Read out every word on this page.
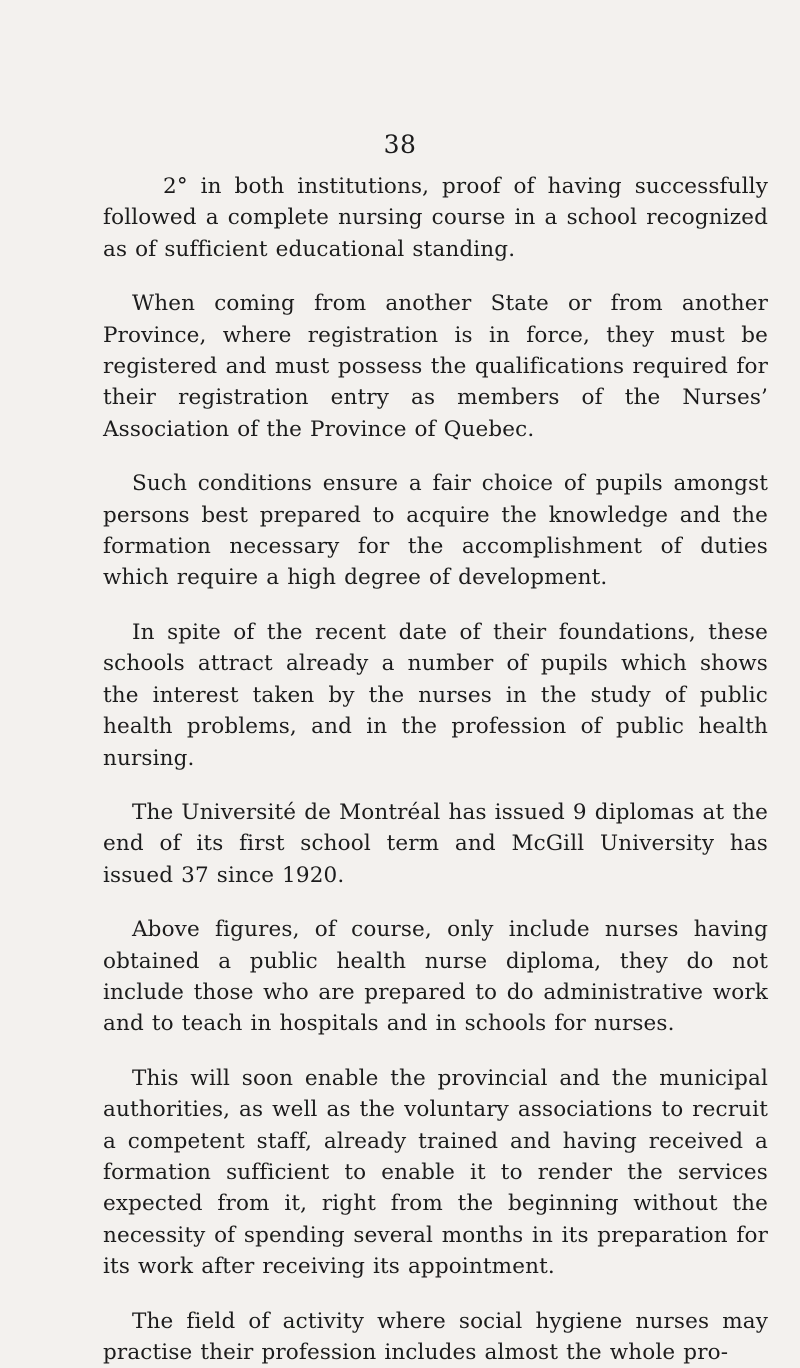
38

2° in both institutions, proof of having successfully followed a complete nursing course in a school recognized as of sufficient educational standing.

When coming from another State or from another Province, where registration is in force, they must be registered and must possess the qualifications required for their registration entry as members of the Nurses’ Association of the Province of Quebec.

Such conditions ensure a fair choice of pupils amongst persons best prepared to acquire the knowledge and the formation necessary for the accomplishment of duties which require a high degree of development.

In spite of the recent date of their foundations, these schools attract already a number of pupils which shows the interest taken by the nurses in the study of public health problems, and in the profession of public health nursing.

The Université de Montréal has issued 9 diplomas at the end of its first school term and McGill University has issued 37 since 1920.

Above figures, of course, only include nurses having obtained a public health nurse diploma, they do not include those who are prepared to do administrative work and to teach in hospitals and in schools for nurses.

This will soon enable the provincial and the municipal authorities, as well as the voluntary associations to recruit a competent staff, already trained and having received a formation sufficient to enable it to render the services expected from it, right from the beginning without the necessity of spending several months in its preparation for its work after receiving its appointment.

The field of activity where social hygiene nurses may practise their profession includes almost the whole pro-
